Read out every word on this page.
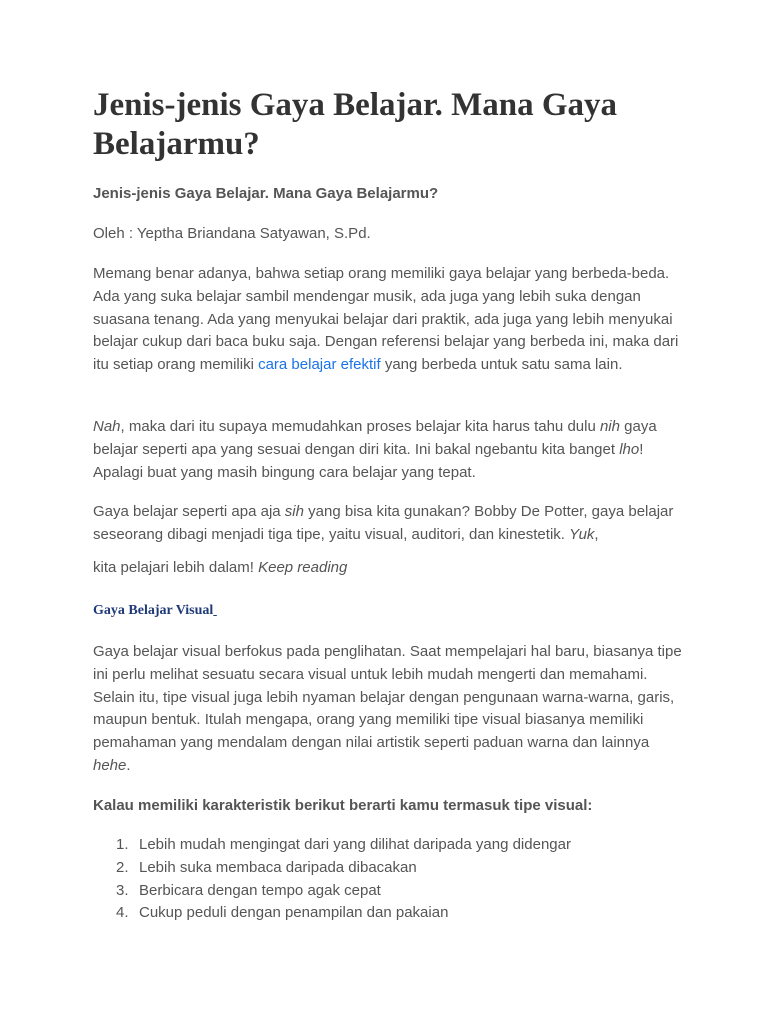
Jenis-jenis Gaya Belajar. Mana Gaya Belajarmu?

Jenis-jenis Gaya Belajar. Mana Gaya Belajarmu?

Oleh : Yeptha Briandana Satyawan, S.Pd.

Memang benar adanya, bahwa setiap orang memiliki gaya belajar yang berbeda-beda. Ada yang suka belajar sambil mendengar musik, ada juga yang lebih suka dengan suasana tenang. Ada yang menyukai belajar dari praktik, ada juga yang lebih menyukai belajar cukup dari baca buku saja. Dengan referensi belajar yang berbeda ini, maka dari itu setiap orang memiliki cara belajar efektif yang berbeda untuk satu sama lain.

Nah, maka dari itu supaya memudahkan proses belajar kita harus tahu dulu nih gaya belajar seperti apa yang sesuai dengan diri kita. Ini bakal ngebantu kita banget lho! Apalagi buat yang masih bingung cara belajar yang tepat.

Gaya belajar seperti apa aja sih yang bisa kita gunakan? Bobby De Potter, gaya belajar seseorang dibagi menjadi tiga tipe, yaitu visual, auditori, dan kinestetik. Yuk,

kita pelajari lebih dalam! Keep reading

Gaya Belajar Visual

Gaya belajar visual berfokus pada penglihatan. Saat mempelajari hal baru, biasanya tipe ini perlu melihat sesuatu secara visual untuk lebih mudah mengerti dan memahami. Selain itu, tipe visual juga lebih nyaman belajar dengan pengunaan warna-warna, garis, maupun bentuk. Itulah mengapa, orang yang memiliki tipe visual biasanya memiliki pemahaman yang mendalam dengan nilai artistik seperti paduan warna dan lainnya hehe.

Kalau memiliki karakteristik berikut berarti kamu termasuk tipe visual:

1. Lebih mudah mengingat dari yang dilihat daripada yang didengar
2. Lebih suka membaca daripada dibacakan
3. Berbicara dengan tempo agak cepat
4. Cukup peduli dengan penampilan dan pakaian
